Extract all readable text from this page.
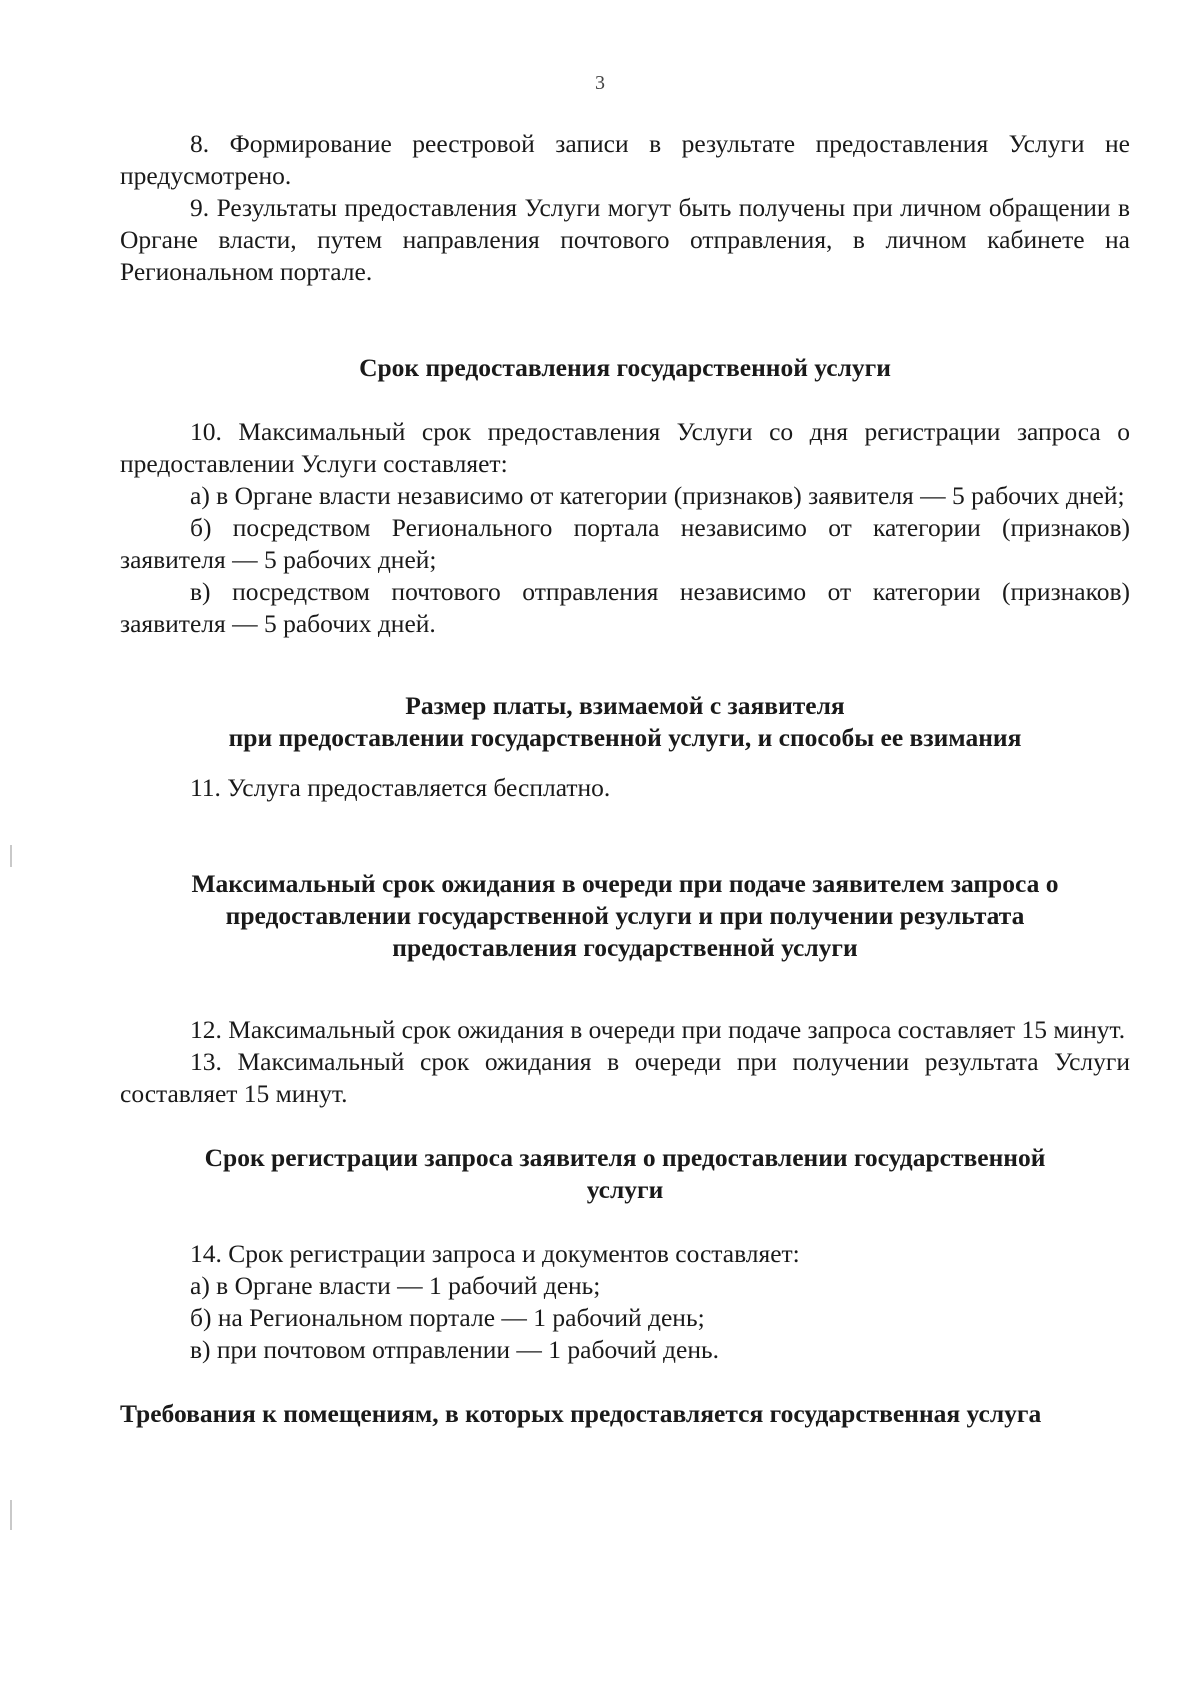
3

8. Формирование реестровой записи в результате предоставления Услуги не предусмотрено.

9. Результаты предоставления Услуги могут быть получены при личном обращении в Органе власти, путем направления почтового отправления, в личном кабинете на Региональном портале.

Срок предоставления государственной услуги

10. Максимальный срок предоставления Услуги со дня регистрации запроса о предоставлении Услуги составляет:

а) в Органе власти независимо от категории (признаков) заявителя — 5 рабочих дней;

б) посредством Регионального портала независимо от категории (признаков) заявителя — 5 рабочих дней;

в) посредством почтового отправления независимо от категории (признаков) заявителя — 5 рабочих дней.

Размер платы, взимаемой с заявителя

при предоставлении государственной услуги, и способы ее взимания

11. Услуга предоставляется бесплатно.

Максимальный срок ожидания в очереди при подаче заявителем запроса о

предоставлении государственной услуги и при получении результата

предоставления государственной услуги

12. Максимальный срок ожидания в очереди при подаче запроса составляет 15 минут.

13. Максимальный срок ожидания в очереди при получении результата Услуги составляет 15 минут.

Срок регистрации запроса заявителя о предоставлении государственной

услуги

14. Срок регистрации запроса и документов составляет:

а) в Органе власти — 1 рабочий день;

б) на Региональном портале — 1 рабочий день;

в) при почтовом отправлении — 1 рабочий день.

Требования к помещениям, в которых предоставляется государственная услуга
